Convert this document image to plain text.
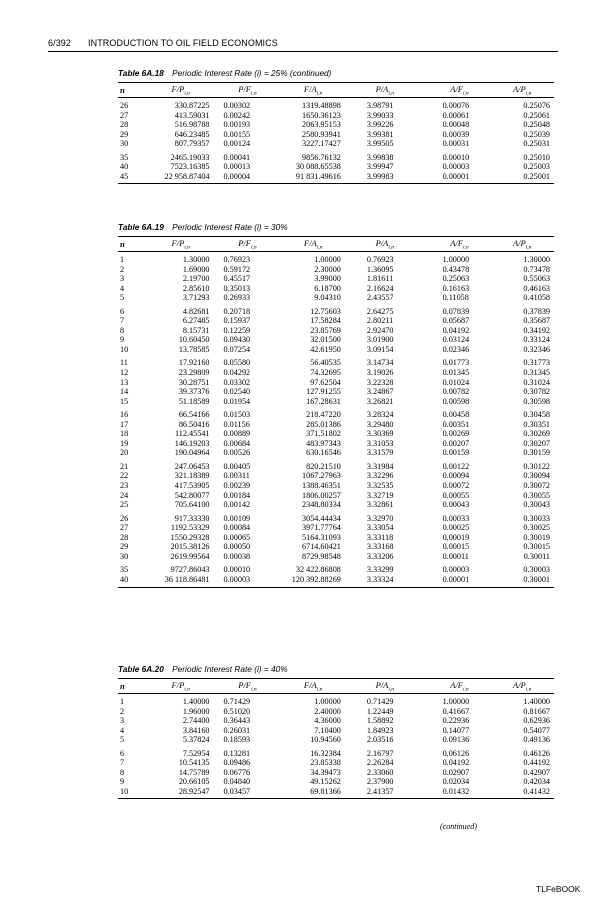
6/392 INTRODUCTION TO OIL FIELD ECONOMICS
Table 6A.18  Periodic Interest Rate (i) = 25% (continued)
n	$F/P_{i,n}$	$P/F_{i,n}$	$F/A_{i,n}$	$P/A_{i,n}$	$A/F_{i,n}$	$A/P_{i,n}$
26	330.87225	0.00302	1319.48898	3.98791	0.00076	0.25076
27	413.59031	0.00242	1650.36123	3.99033	0.00061	0.25061
28	516.98788	0.00193	2063.95153	3.99226	0.00048	0.25048
29	646.23485	0.00155	2580.93941	3.99381	0.00039	0.25039
30	807.79357	0.00124	3227.17427	3.99505	0.00031	0.25031
35	2465.19033	0.00041	9856.76132	3.99838	0.00010	0.25010
40	7523.16385	0.00013	30 088.65538	3.99947	0.00003	0.25003
45	22 958.87404	0.00004	91 831.49616	3.99983	0.00001	0.25001
Table 6A.19  Periodic Interest Rate (i) = 30%
n	$F/P_{i,n}$	$P/F_{i,n}$	$F/A_{i,n}$	$P/A_{i,n}$	$A/F_{i,n}$	$A/P_{i,n}$
1	1.30000	0.76923	1.00000	0.76923	1.00000	1.30000
2	1.69000	0.59172	2.30000	1.36095	0.43478	0.73478
3	2.19700	0.45517	3.99000	1.81611	0.25063	0.55063
4	2.85610	0.35013	6.18700	2.16624	0.16163	0.46163
5	3.71293	0.26933	9.04310	2.43557	0.11058	0.41058
6	4.82681	0.20718	12.75603	2.64275	0.07839	0.37839
7	6.27485	0.15937	17.58284	2.80211	0.05687	0.35687
8	8.15731	0.12259	23.85769	2.92470	0.04192	0.34192
9	10.60450	0.09430	32.01500	3.01900	0.03124	0.33124
10	13.78585	0.07254	42.61950	3.09154	0.02346	0.32346
11	17.92160	0.05580	56.40535	3.14734	0.01773	0.31773
12	23.29809	0.04292	74.32695	3.19026	0.01345	0.31345
13	30.28751	0.03302	97.62504	3.22328	0.01024	0.31024
14	39.37376	0.02540	127.91255	3.24867	0.00782	0.30782
15	51.18589	0.01954	167.28631	3.26821	0.00598	0.30598
16	66.54166	0.01503	218.47220	3.28324	0.00458	0.30458
17	86.50416	0.01156	285.01386	3.29480	0.00351	0.30351
18	112.45541	0.00889	371.51802	3.30369	0.00269	0.30269
19	146.19203	0.00684	483.97343	3.31053	0.00207	0.30207
20	190.04964	0.00526	630.16546	3.31579	0.00159	0.30159
21	247.06453	0.00405	820.21510	3.31984	0.00122	0.30122
22	321.18389	0.00311	1067.27963	3.32296	0.00094	0.30094
23	417.53905	0.00239	1388.46351	3.32535	0.00072	0.30072
24	542.80077	0.00184	1806.00257	3.32719	0.00055	0.30055
25	705.64100	0.00142	2348.80334	3.32861	0.00043	0.30043
26	917.33330	0.00109	3054.44434	3.32970	0.00033	0.30033
27	1192.53329	0.00084	3971.77764	3.33054	0.00025	0.30025
28	1550.29328	0.00065	5164.31093	3.33118	0.00019	0.30019
29	2015.38126	0.00050	6714.60421	3.33168	0.00015	0.30015
30	2619.99564	0.00038	8729.98548	3.33206	0.00011	0.30011
35	9727.86043	0.00010	32 422.86808	3.33299	0.00003	0.30003
40	36 118.86481	0.00003	120 392.88269	3.33324	0.00001	0.30001
Table 6A.20  Periodic Interest Rate (i) = 40%
n	$F/P_{i,n}$	$P/F_{i,n}$	$F/A_{i,n}$	$P/A_{i,n}$	$A/F_{i,n}$	$A/P_{i,n}$
1	1.40000	0.71429	1.00000	0.71429	1.00000	1.40000
2	1.96000	0.51020	2.40000	1.22449	0.41667	0.81667
3	2.74400	0.36443	4.36000	1.58892	0.22936	0.62936
4	3.84160	0.26031	7.10400	1.84923	0.14077	0.54077
5	5.37824	0.18593	10.94560	2.03516	0.09136	0.49136
6	7.52954	0.13281	16.32384	2.16797	0.06126	0.46126
7	10.54135	0.09486	23.85338	2.26284	0.04192	0.44192
8	14.75789	0.06776	34.39473	2.33060	0.02907	0.42907
9	20.66105	0.04840	49.15262	2.37900	0.02034	0.42034
10	28.92547	0.03457	69.81366	2.41357	0.01432	0.41432
(continued)
TLFeBOOK
